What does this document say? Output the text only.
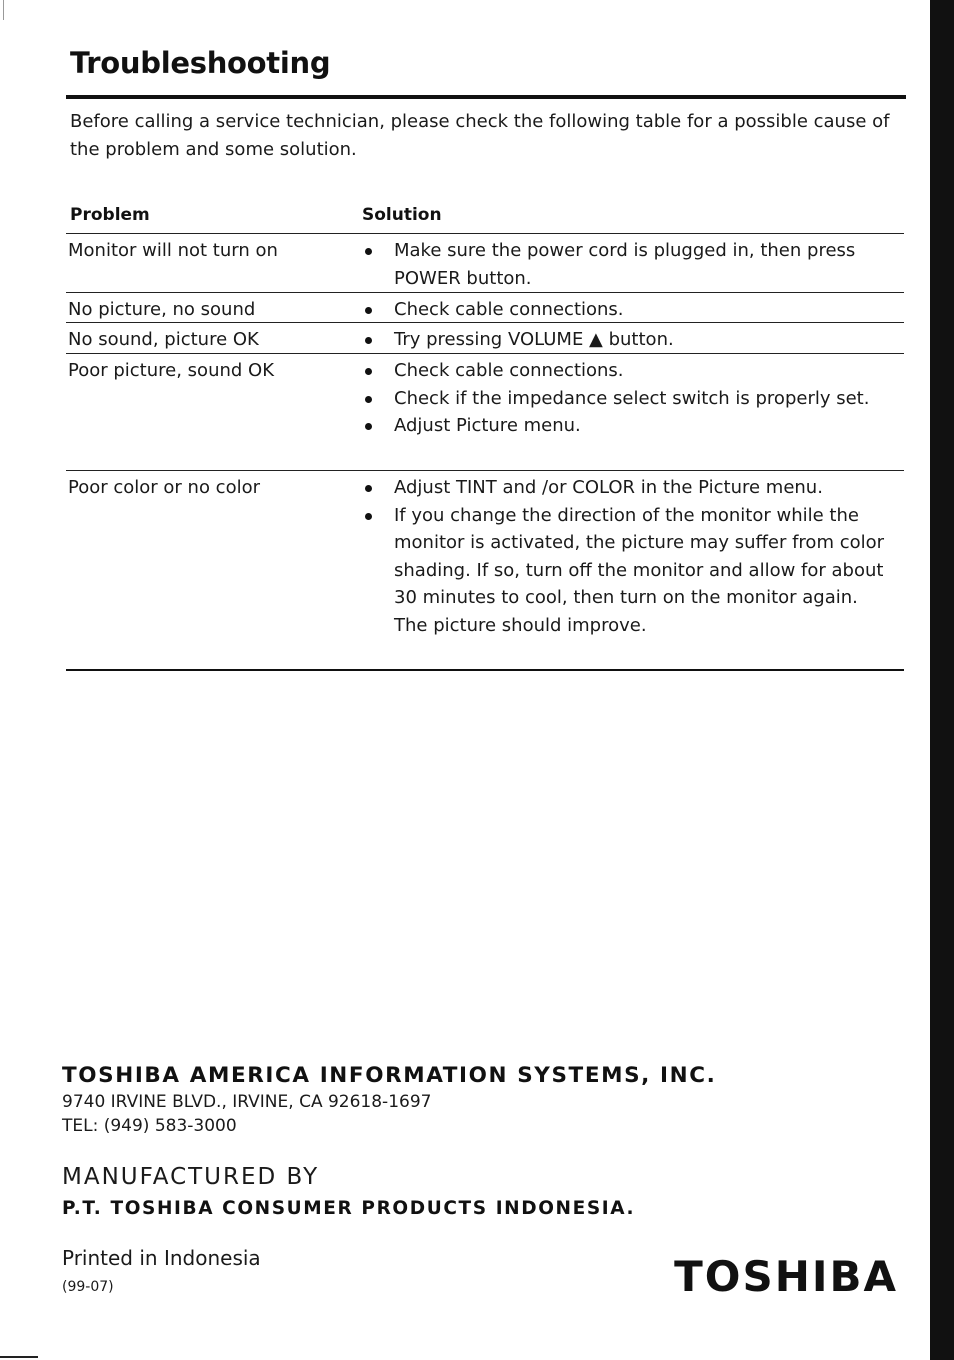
Troubleshooting

Before calling a service technician, please check the following table for a possible cause of the problem and some solution.

Problem	Solution

Monitor will not turn on	Make sure the power cord is plugged in, then press POWER button.
No picture, no sound	Check cable connections.
No sound, picture OK	Try pressing VOLUME ▲ button.
Poor picture, sound OK	Check cable connections.
Check if the impedance select switch is properly set.
Adjust Picture menu.
Poor color or no color	Adjust TINT and /or COLOR in the Picture menu.
If you change the direction of the monitor while the monitor is activated, the picture may suffer from color shading. If so, turn off the monitor and allow for about 30 minutes to cool, then turn on the monitor again.
The picture should improve.

TOSHIBA AMERICA INFORMATION SYSTEMS, INC.

9740 IRVINE BLVD., IRVINE, CA 92618-1697

TEL: (949) 583-3000

MANUFACTURED BY

P.T. TOSHIBA CONSUMER PRODUCTS INDONESIA.

Printed in Indonesia

(99-07)	TOSHIBA
